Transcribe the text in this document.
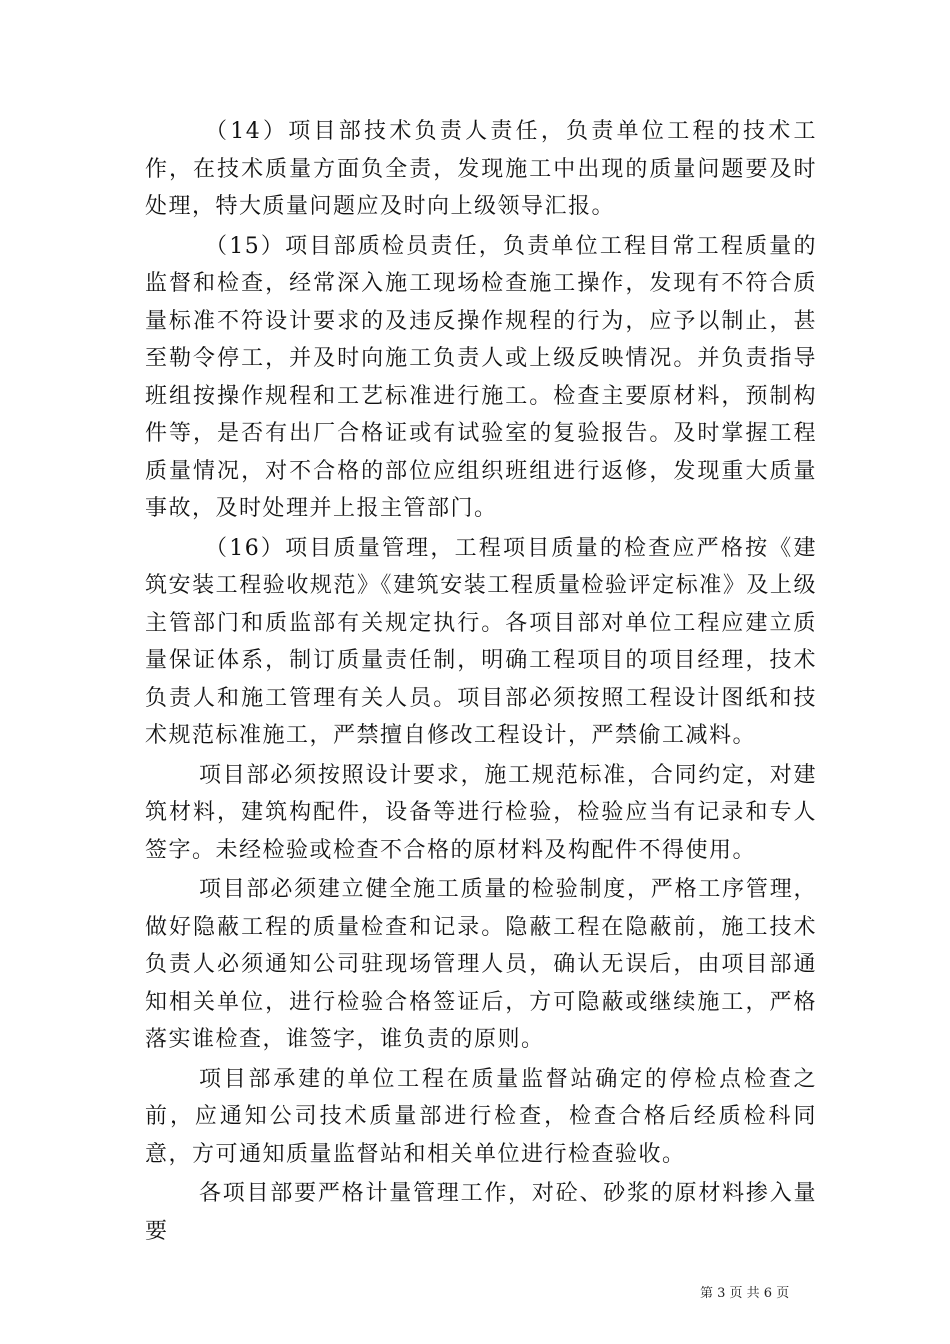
（14）项目部技术负责人责任，负责单位工程的技术工作，在技术质量方面负全责，发现施工中出现的质量问题要及时处理，特大质量问题应及时向上级领导汇报。

（15）项目部质检员责任，负责单位工程目常工程质量的监督和检查，经常深入施工现场检查施工操作，发现有不符合质量标准不符设计要求的及违反操作规程的行为，应予以制止，甚至勒令停工，并及时向施工负责人或上级反映情况。并负责指导班组按操作规程和工艺标准进行施工。检查主要原材料，预制构件等，是否有出厂合格证或有试验室的复验报告。及时掌握工程质量情况，对不合格的部位应组织班组进行返修，发现重大质量事故，及时处理并上报主管部门。

（16）项目质量管理，工程项目质量的检查应严格按《建筑安装工程验收规范》《建筑安装工程质量检验评定标准》及上级主管部门和质监部有关规定执行。各项目部对单位工程应建立质量保证体系，制订质量责任制，明确工程项目的项目经理，技术负责人和施工管理有关人员。项目部必须按照工程设计图纸和技术规范标准施工，严禁擅自修改工程设计，严禁偷工减料。

项目部必须按照设计要求，施工规范标准，合同约定，对建筑材料，建筑构配件，设备等进行检验，检验应当有记录和专人签字。未经检验或检查不合格的原材料及构配件不得使用。

项目部必须建立健全施工质量的检验制度，严格工序管理，做好隐蔽工程的质量检查和记录。隐蔽工程在隐蔽前，施工技术负责人必须通知公司驻现场管理人员，确认无误后，由项目部通知相关单位，进行检验合格签证后，方可隐蔽或继续施工，严格落实谁检查，谁签字，谁负责的原则。

项目部承建的单位工程在质量监督站确定的停检点检查之前，应通知公司技术质量部进行检查，检查合格后经质检科同意，方可通知质量监督站和相关单位进行检查验收。

各项目部要严格计量管理工作，对砼、砂浆的原材料掺入量要

第 3 页 共 6 页
